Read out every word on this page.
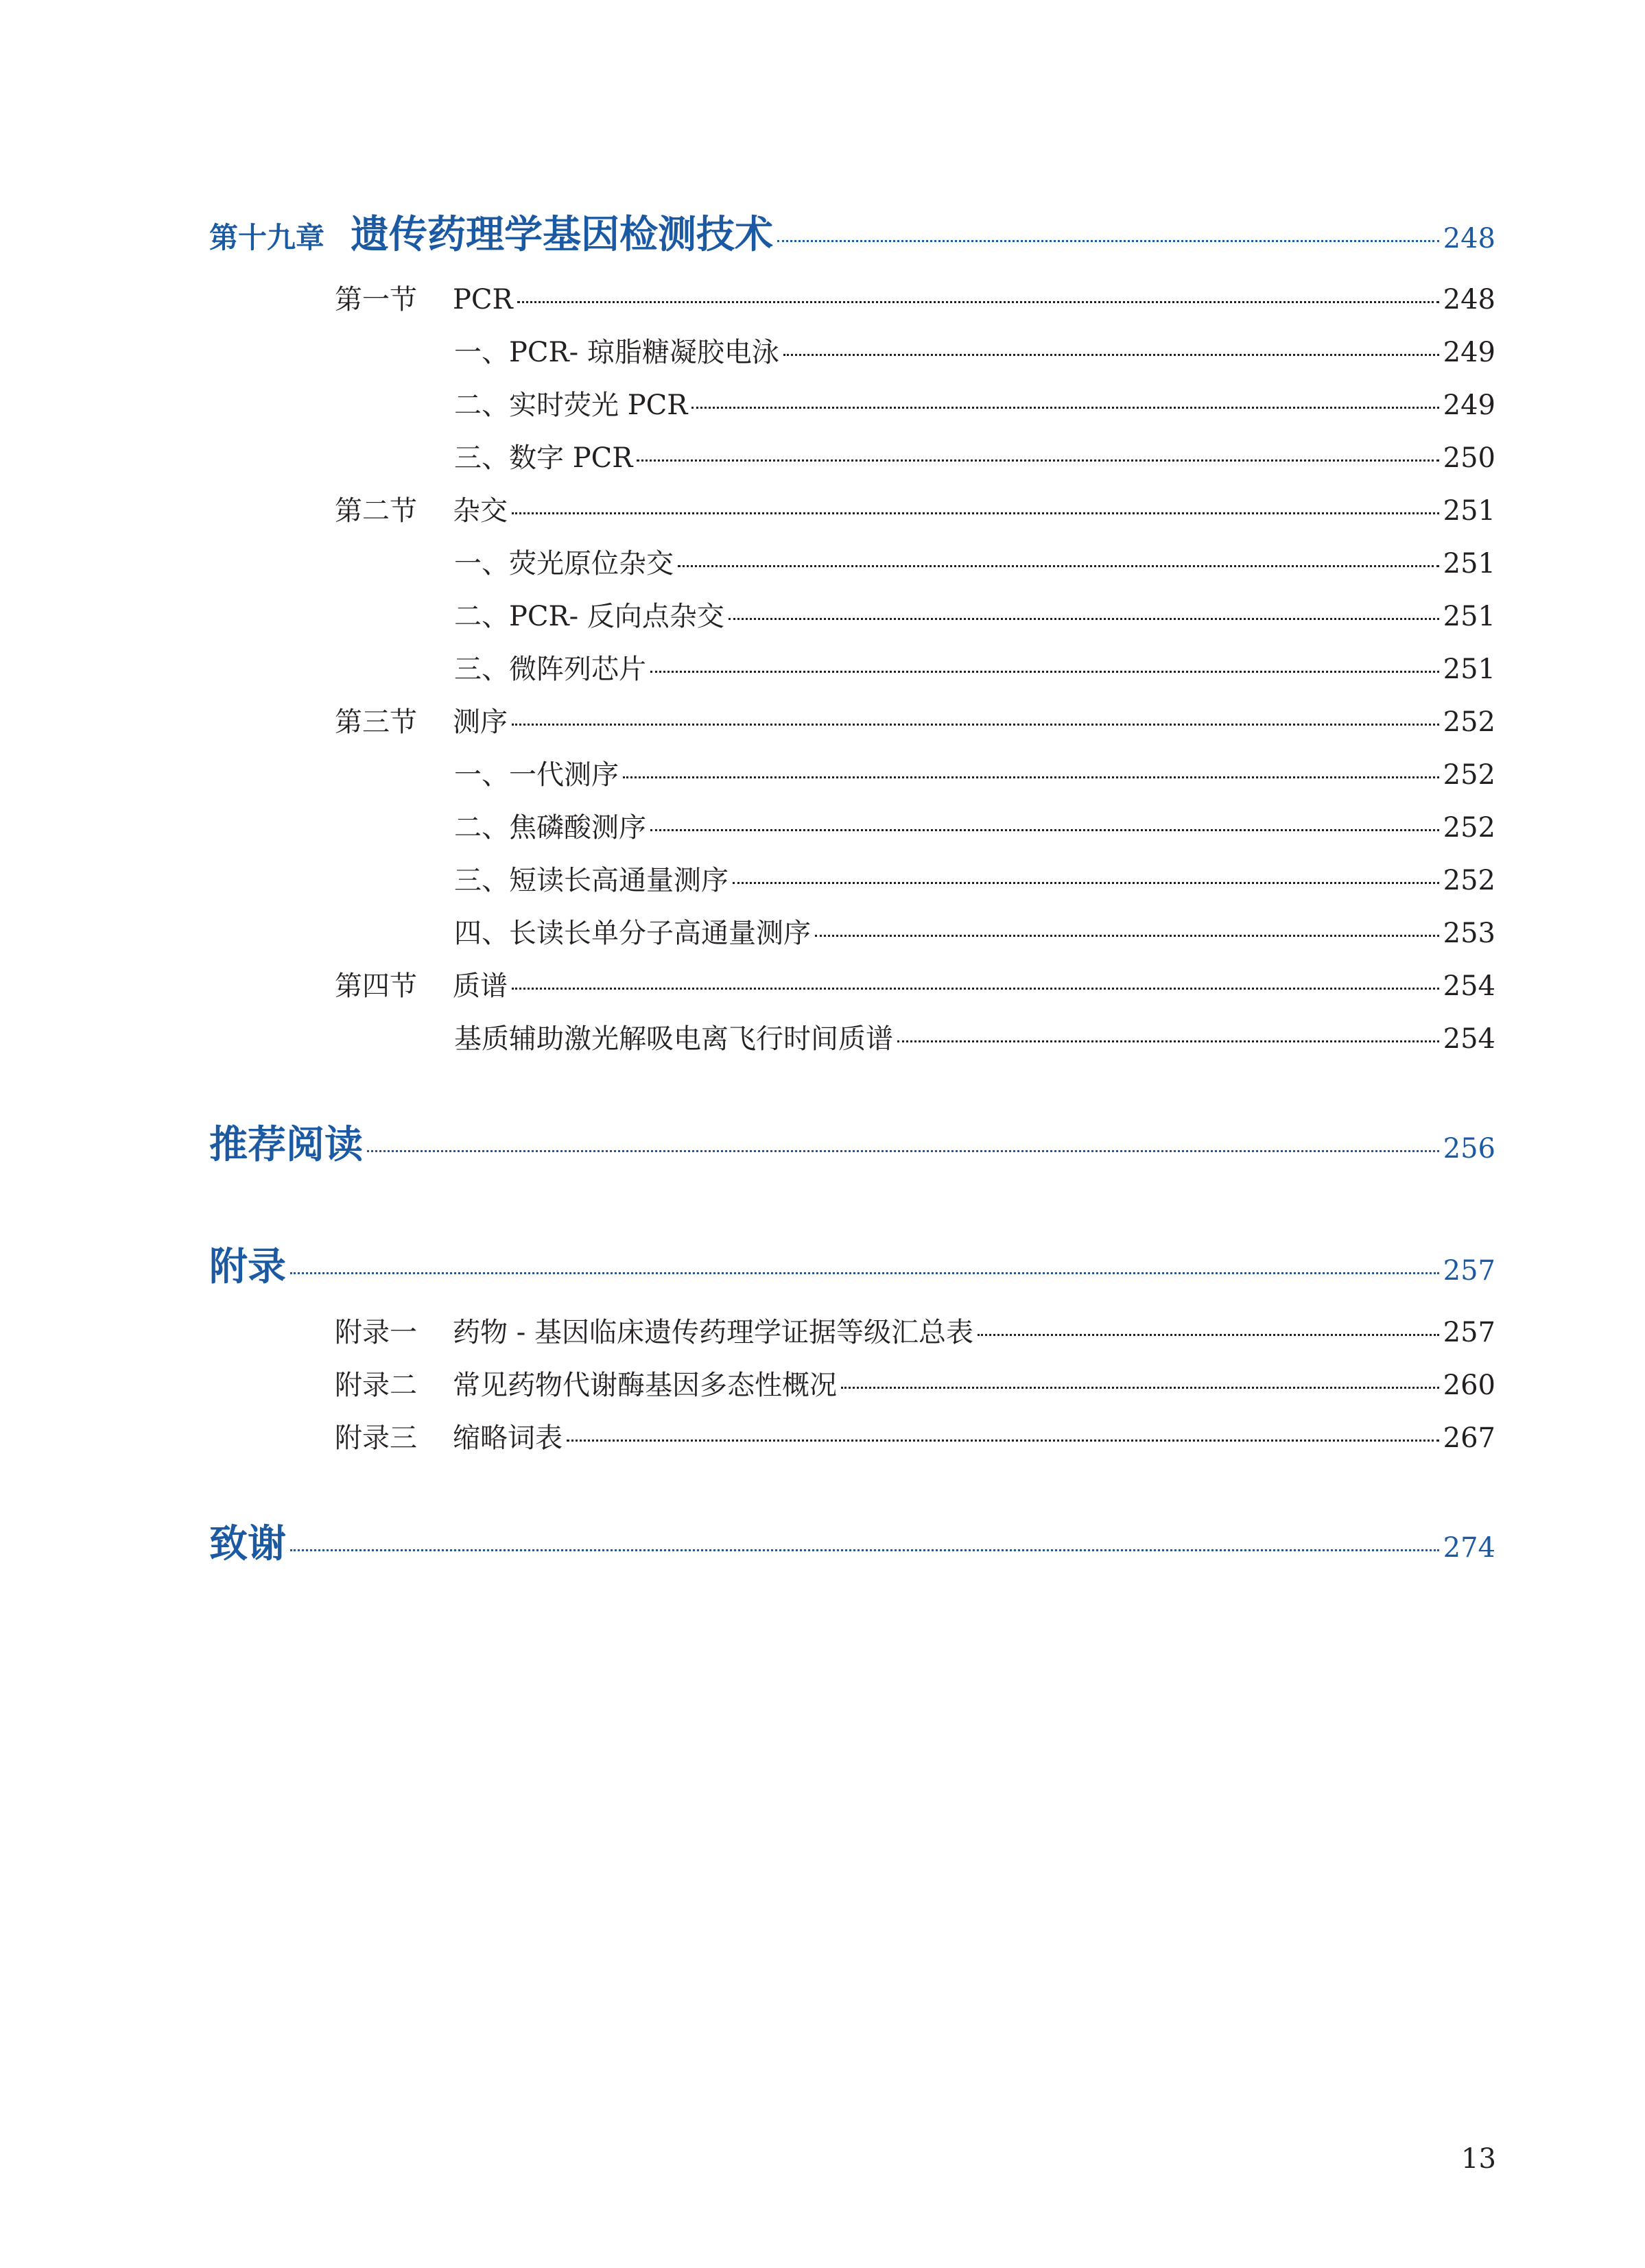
第十九章 遗传药理学基因检测技术	248
第一节	PCR	248
一、PCR- 琼脂糖凝胶电泳	249
二、实时荧光 PCR	249
三、数字 PCR	250
第二节	杂交	251
一、荧光原位杂交	251
二、PCR- 反向点杂交	251
三、微阵列芯片	251
第三节	测序	252
一、一代测序	252
二、焦磷酸测序	252
三、短读长高通量测序	252
四、长读长单分子高通量测序	253
第四节	质谱	254
基质辅助激光解吸电离飞行时间质谱	254
推荐阅读	256
附录	257
附录一	药物 - 基因临床遗传药理学证据等级汇总表	257
附录二	常见药物代谢酶基因多态性概况	260
附录三	缩略词表	267
致谢	274
13
